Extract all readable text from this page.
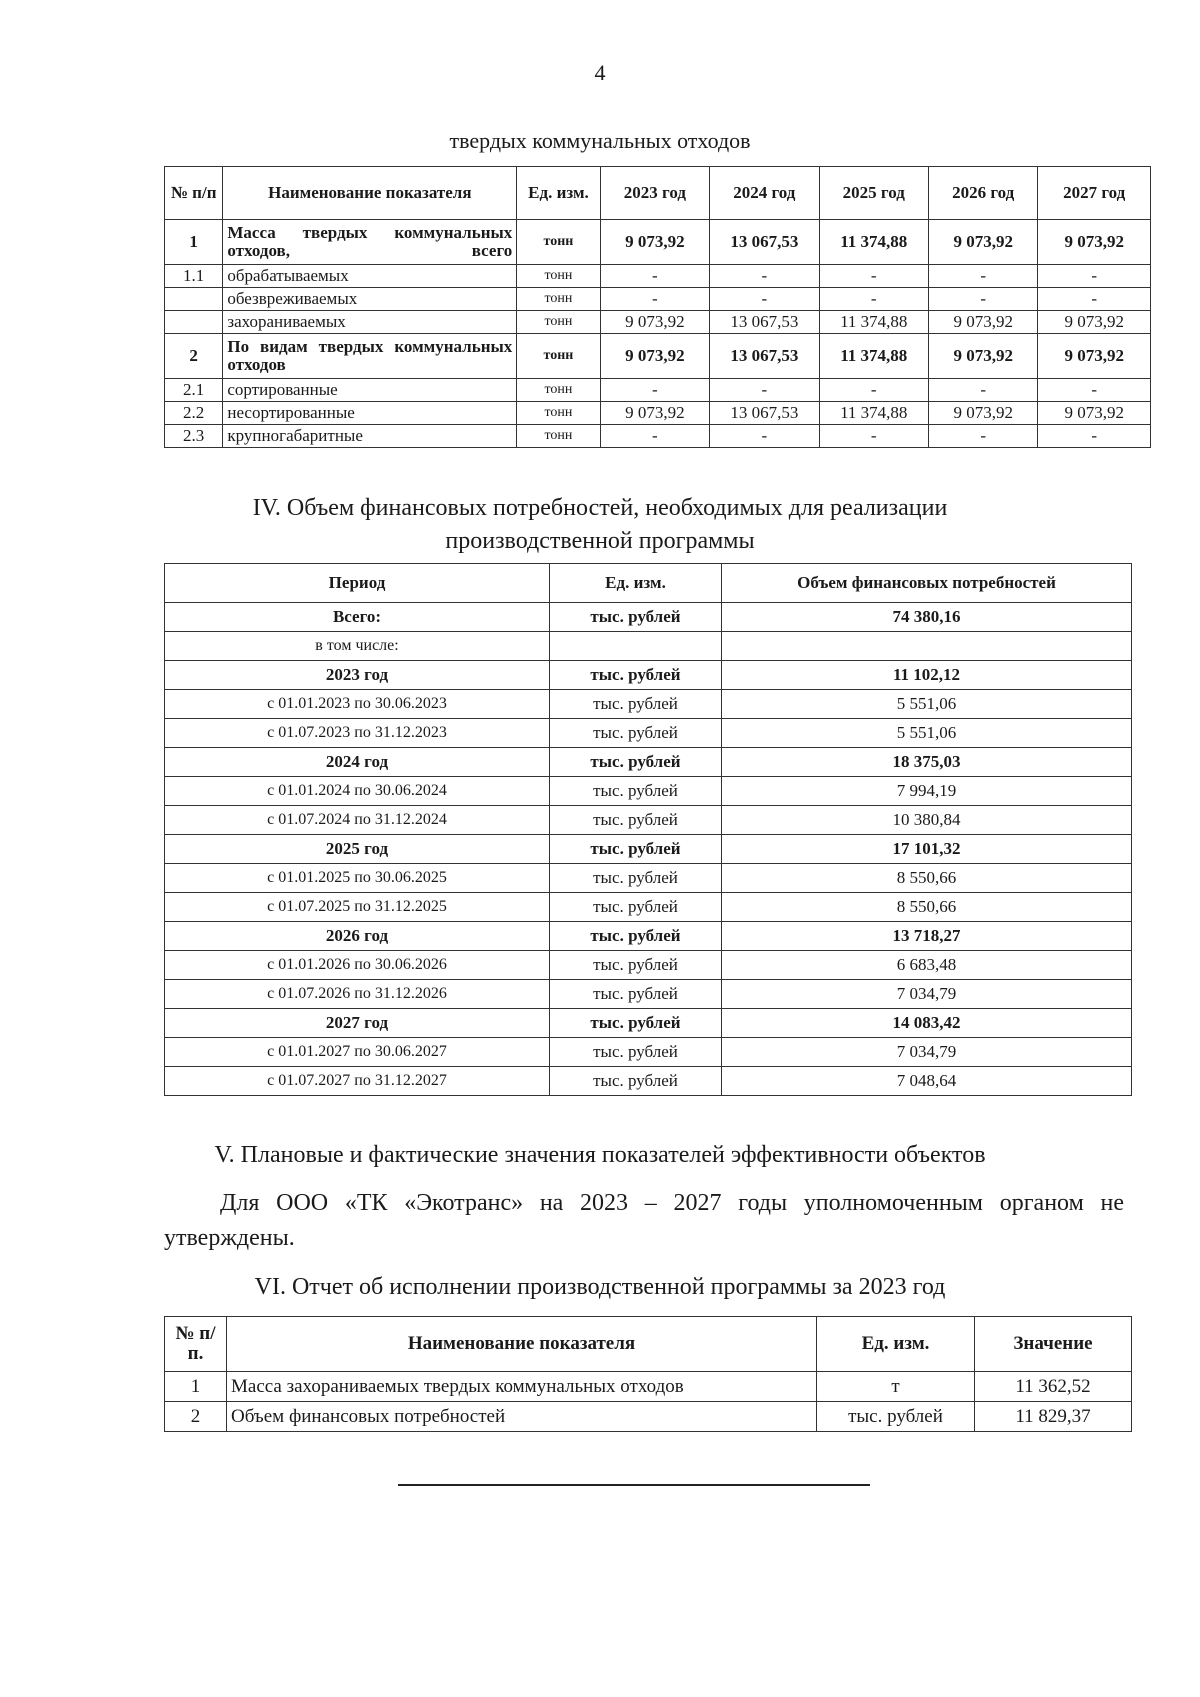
4
твердых коммунальных отходов
№ п/п	Наименование показателя	Ед. изм.	2023 год	2024 год	2025 год	2026 год	2027 год
1	Масса твердых коммунальных отходов, всего	тонн	9 073,92	13 067,53	11 374,88	9 073,92	9 073,92
1.1	обрабатываемых	тонн	-	-	-	-	-
	обезвреживаемых	тонн	-	-	-	-	-
	захораниваемых	тонн	9 073,92	13 067,53	11 374,88	9 073,92	9 073,92
2	По видам твердых коммунальных отходов	тонн	9 073,92	13 067,53	11 374,88	9 073,92	9 073,92
2.1	сортированные	тонн	-	-	-	-	-
2.2	несортированные	тонн	9 073,92	13 067,53	11 374,88	9 073,92	9 073,92
2.3	крупногабаритные	тонн	-	-	-	-	-
IV. Объем финансовых потребностей, необходимых для реализации
производственной программы
Период	Ед. изм.	Объем финансовых потребностей
Всего:	тыс. рублей	74 380,16
в том числе:		
2023 год	тыс. рублей	11 102,12
с 01.01.2023 по 30.06.2023	тыс. рублей	5 551,06
с 01.07.2023 по 31.12.2023	тыс. рублей	5 551,06
2024 год	тыс. рублей	18 375,03
с 01.01.2024 по 30.06.2024	тыс. рублей	7 994,19
с 01.07.2024 по 31.12.2024	тыс. рублей	10 380,84
2025 год	тыс. рублей	17 101,32
с 01.01.2025 по 30.06.2025	тыс. рублей	8 550,66
с 01.07.2025 по 31.12.2025	тыс. рублей	8 550,66
2026 год	тыс. рублей	13 718,27
с 01.01.2026 по 30.06.2026	тыс. рублей	6 683,48
с 01.07.2026 по 31.12.2026	тыс. рублей	7 034,79
2027 год	тыс. рублей	14 083,42
с 01.01.2027 по 30.06.2027	тыс. рублей	7 034,79
с 01.07.2027 по 31.12.2027	тыс. рублей	7 048,64
V. Плановые и фактические значения показателей эффективности объектов
Для ООО «ТК «Экотранс» на 2023 – 2027 годы уполномоченным органом не утверждены.
VI. Отчет об исполнении производственной программы за 2023 год
№ п/п.	Наименование показателя	Ед. изм.	Значение
1	Масса захораниваемых твердых коммунальных отходов	т	11 362,52
2	Объем финансовых потребностей	тыс. рублей	11 829,37
